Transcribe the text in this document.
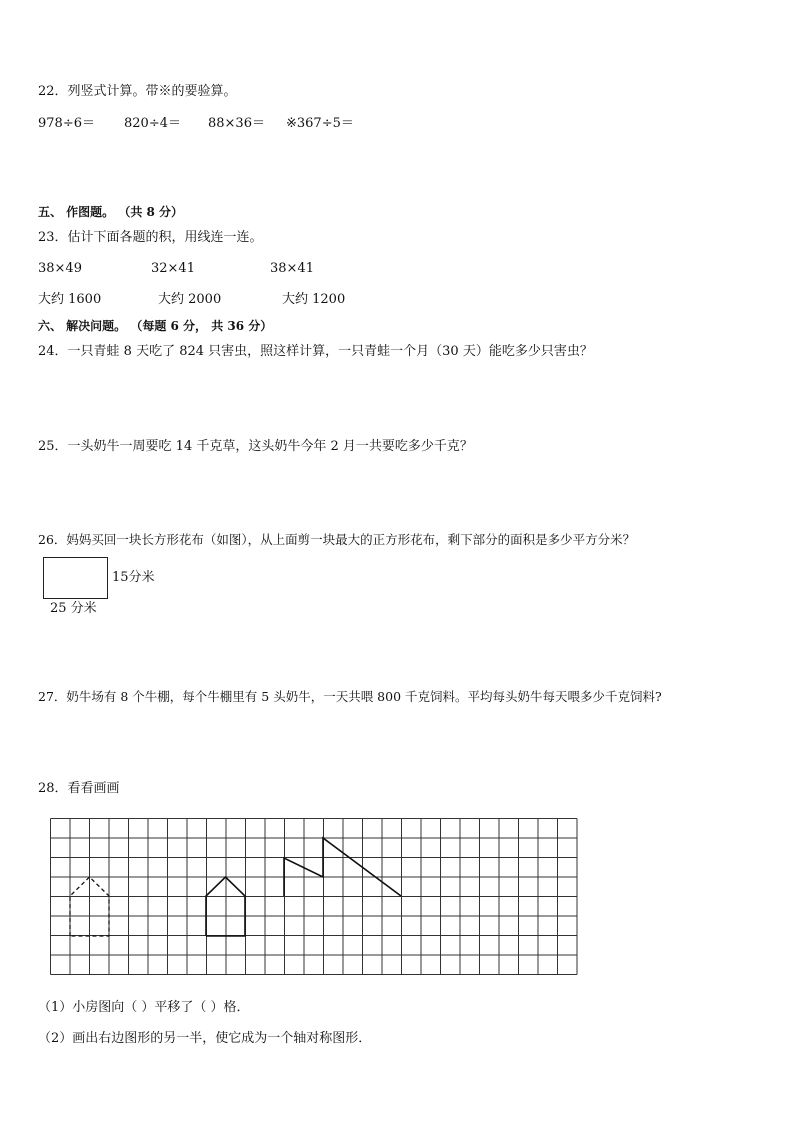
22．列竖式计算。带※的要验算。
978÷6＝ 820÷4＝ 88×36＝ ※367÷5＝
五、 作图题。 （共 8 分）
23．估计下面各题的积，用线连一连。
38×49	32×41	38×41
大约 1600	大约 2000	大约 1200
六、 解决问题。 （每题 6 分， 共 36 分）
24．一只青蛙 8 天吃了 824 只害虫，照这样计算，一只青蛙一个月（30 天）能吃多少只害虫？
25．一头奶牛一周要吃 14 千克草，这头奶牛今年 2 月一共要吃多少千克？
26．妈妈买回一块长方形花布（如图），从上面剪一块最大的正方形花布，剩下部分的面积是多少平方分米？
15分米
25 分米
27．奶牛场有 8 个牛棚，每个牛棚里有 5 头奶牛，一天共喂 800 千克饲料。平均每头奶牛每天喂多少千克饲料?
28．看看画画
（1）小房图向（ ）平移了（ ）格．
（2）画出右边图形的另一半，使它成为一个轴对称图形．
